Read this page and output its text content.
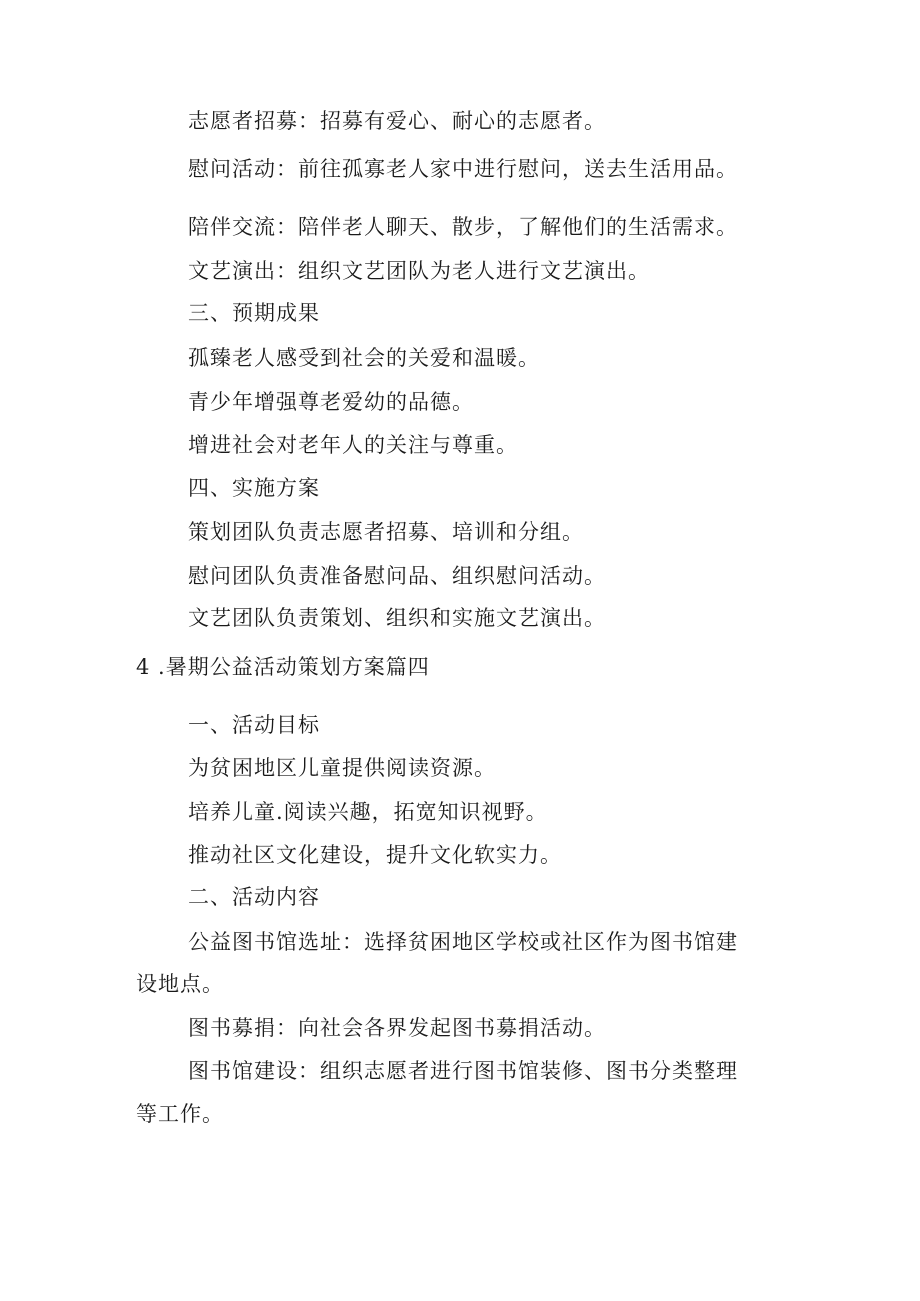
志愿者招募：招募有爱心、耐心的志愿者。
慰问活动：前往孤寡老人家中进行慰问，送去生活用品。
陪伴交流：陪伴老人聊天、散步，了解他们的生活需求。
文艺演出：组织文艺团队为老人进行文艺演出。
三、预期成果
孤臻老人感受到社会的关爱和温暖。
青少年增强尊老爱幼的品德。
增进社会对老年人的关注与尊重。
四、实施方案
策划团队负责志愿者招募、培训和分组。
慰问团队负责准备慰问品、组织慰问活动。
文艺团队负责策划、组织和实施文艺演出。
4 .暑期公益活动策划方案篇四
一、活动目标
为贫困地区儿童提供阅读资源。
培养儿童.阅读兴趣，拓宽知识视野。
推动社区文化建设，提升文化软实力。
二、活动内容
公益图书馆选址：选择贫困地区学校或社区作为图书馆建
设地点。
图书募捐：向社会各界发起图书募捐活动。
图书馆建设：组织志愿者进行图书馆装修、图书分类整理
等工作。
